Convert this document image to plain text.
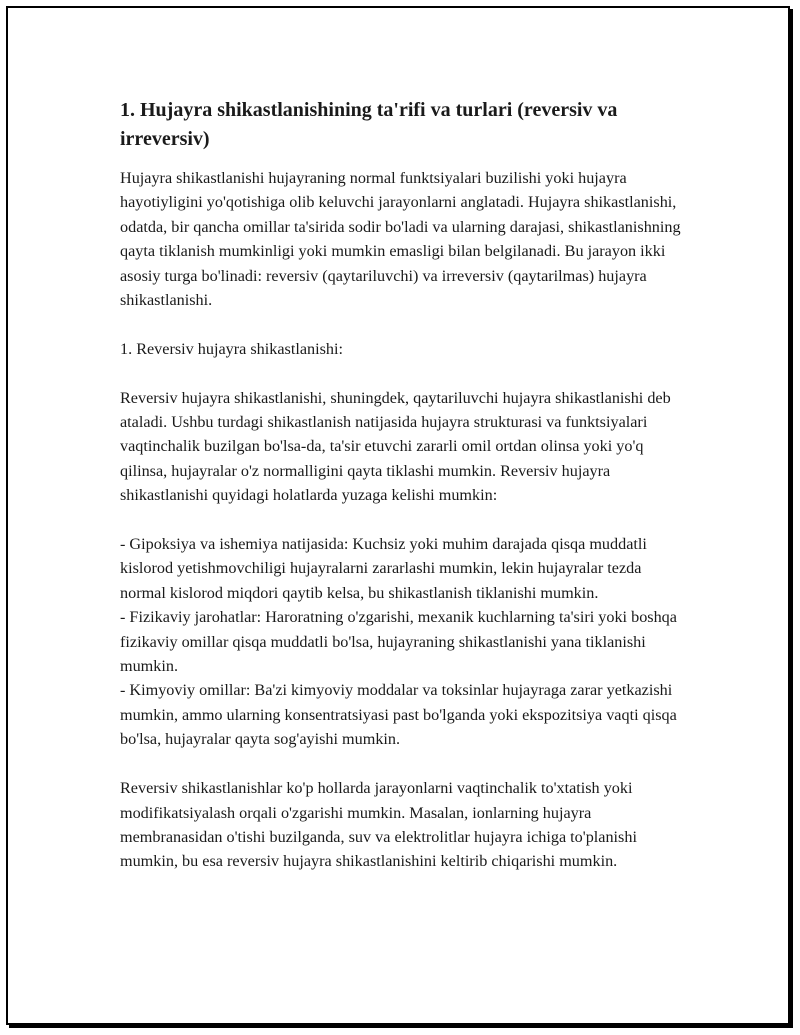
1. Hujayra shikastlanishining ta'rifi va turlari (reversiv va irreversiv)

Hujayra shikastlanishi hujayraning normal funktsiyalari buzilishi yoki hujayra hayotiyligini yo'qotishiga olib keluvchi jarayonlarni anglatadi. Hujayra shikastlanishi, odatda, bir qancha omillar ta'sirida sodir bo'ladi va ularning darajasi, shikastlanishning qayta tiklanish mumkinligi yoki mumkin emasligi bilan belgilanadi. Bu jarayon ikki asosiy turga bo'linadi: reversiv (qaytariluvchi) va irreversiv (qaytarilmas) hujayra shikastlanishi.

1. Reversiv hujayra shikastlanishi:

Reversiv hujayra shikastlanishi, shuningdek, qaytariluvchi hujayra shikastlanishi deb ataladi. Ushbu turdagi shikastlanish natijasida hujayra strukturasi va funktsiyalari vaqtinchalik buzilgan bo'lsa-da, ta'sir etuvchi zararli omil ortdan olinsa yoki yo'q qilinsa, hujayralar o'z normalligini qayta tiklashi mumkin. Reversiv hujayra shikastlanishi quyidagi holatlarda yuzaga kelishi mumkin:

- Gipoksiya va ishemiya natijasida: Kuchsiz yoki muhim darajada qisqa muddatli kislorod yetishmovchiligi hujayralarni zararlashi mumkin, lekin hujayralar tezda normal kislorod miqdori qaytib kelsa, bu shikastlanish tiklanishi mumkin.

- Fizikaviy jarohatlar: Haroratning o'zgarishi, mexanik kuchlarning ta'siri yoki boshqa fizikaviy omillar qisqa muddatli bo'lsa, hujayraning shikastlanishi yana tiklanishi mumkin.

- Kimyoviy omillar: Ba'zi kimyoviy moddalar va toksinlar hujayraga zarar yetkazishi mumkin, ammo ularning konsentratsiyasi past bo'lganda yoki ekspozitsiya vaqti qisqa bo'lsa, hujayralar qayta sog'ayishi mumkin.

Reversiv shikastlanishlar ko'p hollarda jarayonlarni vaqtinchalik to'xtatish yoki modifikatsiyalash orqali o'zgarishi mumkin. Masalan, ionlarning hujayra membranasidan o'tishi buzilganda, suv va elektrolitlar hujayra ichiga to'planishi mumkin, bu esa reversiv hujayra shikastlanishini keltirib chiqarishi mumkin.
